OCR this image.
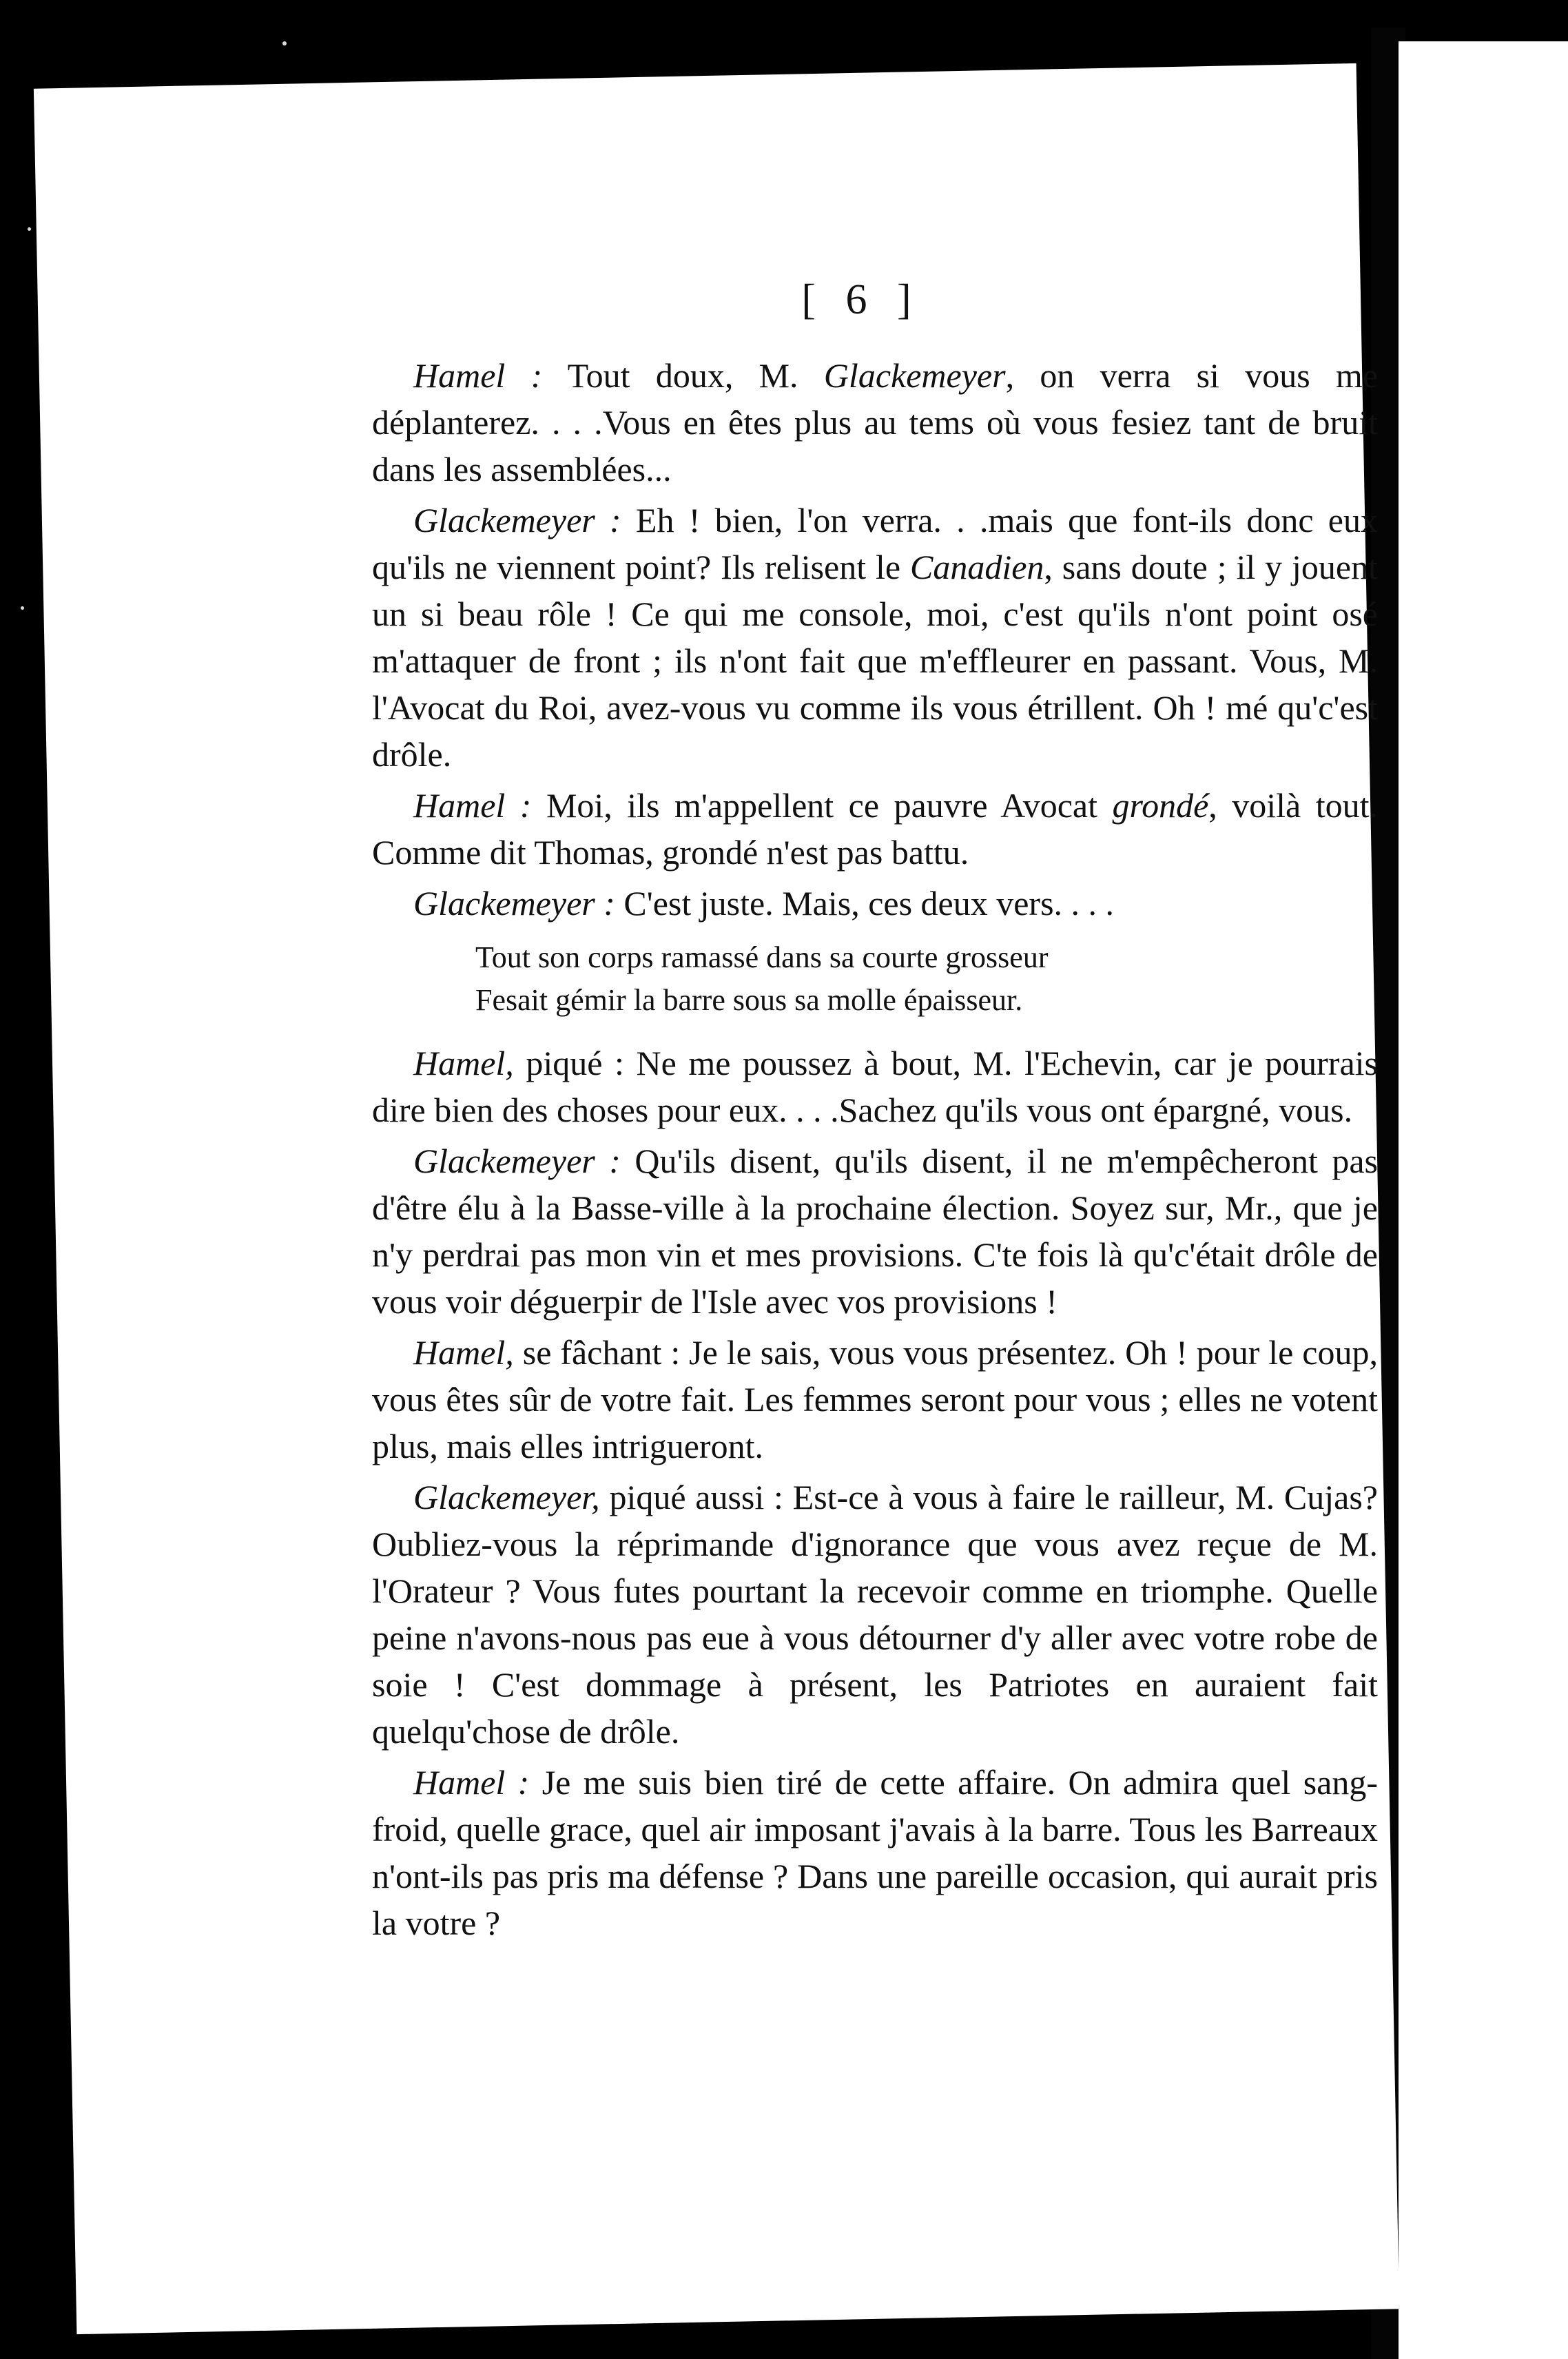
[ 6 ]

Hamel : Tout doux, M. Glackemeyer, on verra si vous me déplanterez. . . .Vous en êtes plus au tems où vous fesiez tant de bruit dans les assemblées...

Glackemeyer : Eh ! bien, l'on verra. . .mais que font-ils donc eux qu'ils ne viennent point? Ils relisent le Canadien, sans doute ; il y jouent un si beau rôle ! Ce qui me console, moi, c'est qu'ils n'ont point osé m'attaquer de front ; ils n'ont fait que m'effleurer en passant. Vous, M. l'Avocat du Roi, avez-vous vu comme ils vous étrillent. Oh ! mé qu'c'est drôle.

Hamel : Moi, ils m'appellent ce pauvre Avocat grondé, voilà tout. Comme dit Thomas, grondé n'est pas battu.

Glackemeyer : C'est juste. Mais, ces deux vers. . . .

Tout son corps ramassé dans sa courte grosseur
Fesait gémir la barre sous sa molle épaisseur.

Hamel, piqué : Ne me poussez à bout, M. l'Echevin, car je pourrais dire bien des choses pour eux. . . .Sachez qu'ils vous ont épargné, vous.

Glackemeyer : Qu'ils disent, qu'ils disent, il ne m'empêcheront pas d'être élu à la Basse-ville à la prochaine élection. Soyez sur, Mr., que je n'y perdrai pas mon vin et mes provisions. C'te fois là qu'c'était drôle de vous voir déguerpir de l'Isle avec vos provisions !

Hamel, se fâchant : Je le sais, vous vous présentez. Oh ! pour le coup, vous êtes sûr de votre fait. Les femmes seront pour vous ; elles ne votent plus, mais elles intrigueront.

Glackemeyer, piqué aussi : Est-ce à vous à faire le railleur, M. Cujas? Oubliez-vous la réprimande d'ignorance que vous avez reçue de M. l'Orateur ? Vous futes pourtant la recevoir comme en triomphe. Quelle peine n'avons-nous pas eue à vous détourner d'y aller avec votre robe de soie ! C'est dommage à présent, les Patriotes en auraient fait quelqu'chose de drôle.

Hamel : Je me suis bien tiré de cette affaire. On admira quel sang-froid, quelle grace, quel air imposant j'avais à la barre. Tous les Barreaux n'ont-ils pas pris ma défense ? Dans une pareille occasion, qui aurait pris la votre ?
